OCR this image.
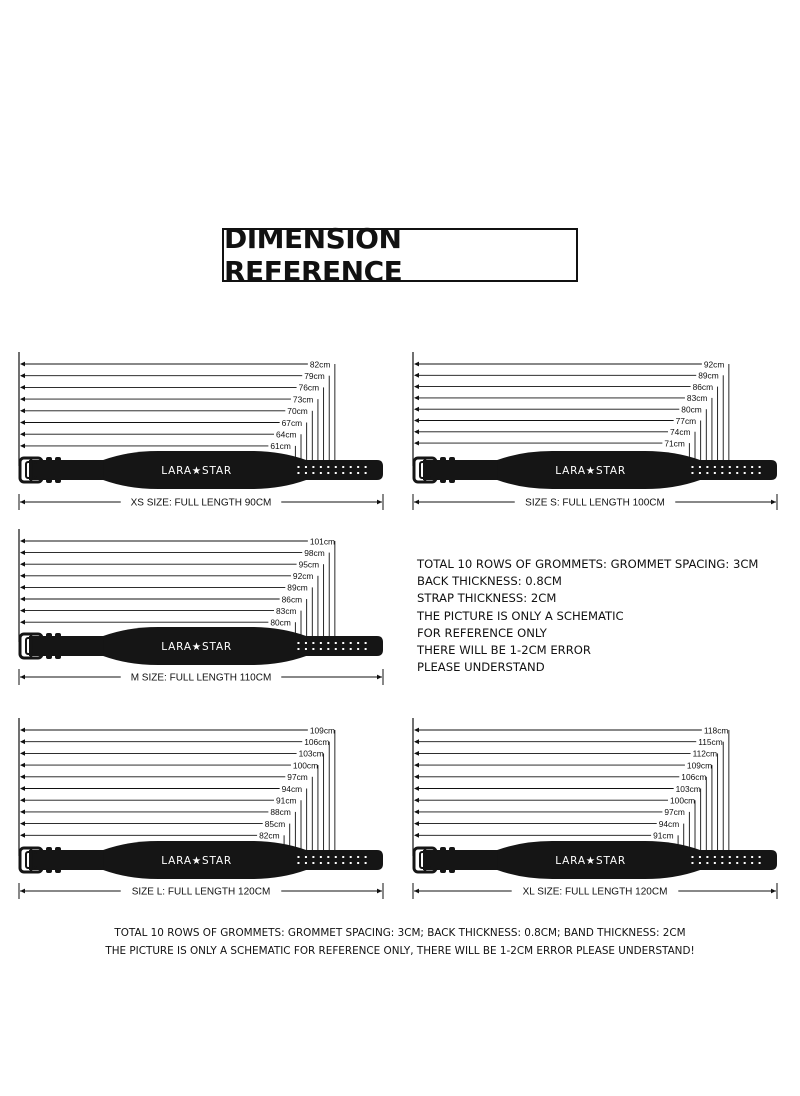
DIMENSION REFERENCE
82cm
79cm
76cm
73cm
70cm
67cm
64cm
61cm
LARA★STAR
XS SIZE: FULL LENGTH 90CM
92cm
89cm
86cm
83cm
80cm
77cm
74cm
71cm
LARA★STAR
SIZE S: FULL LENGTH 100CM
101cm
98cm
95cm
92cm
89cm
86cm
83cm
80cm
LARA★STAR
M SIZE: FULL LENGTH 110CM
109cm
106cm
103cm
100cm
97cm
94cm
91cm
88cm
85cm
82cm
LARA★STAR
SIZE L: FULL LENGTH 120CM
118cm
115cm
112cm
109cm
106cm
103cm
100cm
97cm
94cm
91cm
LARA★STAR
XL SIZE: FULL LENGTH 120CM
TOTAL 10 ROWS OF GROMMETS: GROMMET SPACING: 3CM
BACK THICKNESS: 0.8CM
STRAP THICKNESS: 2CM
THE PICTURE IS ONLY A SCHEMATIC
FOR REFERENCE ONLY
THERE WILL BE 1-2CM ERROR
PLEASE UNDERSTAND
TOTAL 10 ROWS OF GROMMETS: GROMMET SPACING: 3CM; BACK THICKNESS: 0.8CM; BAND THICKNESS: 2CM
THE PICTURE IS ONLY A SCHEMATIC FOR REFERENCE ONLY, THERE WILL BE 1-2CM ERROR PLEASE UNDERSTAND!
